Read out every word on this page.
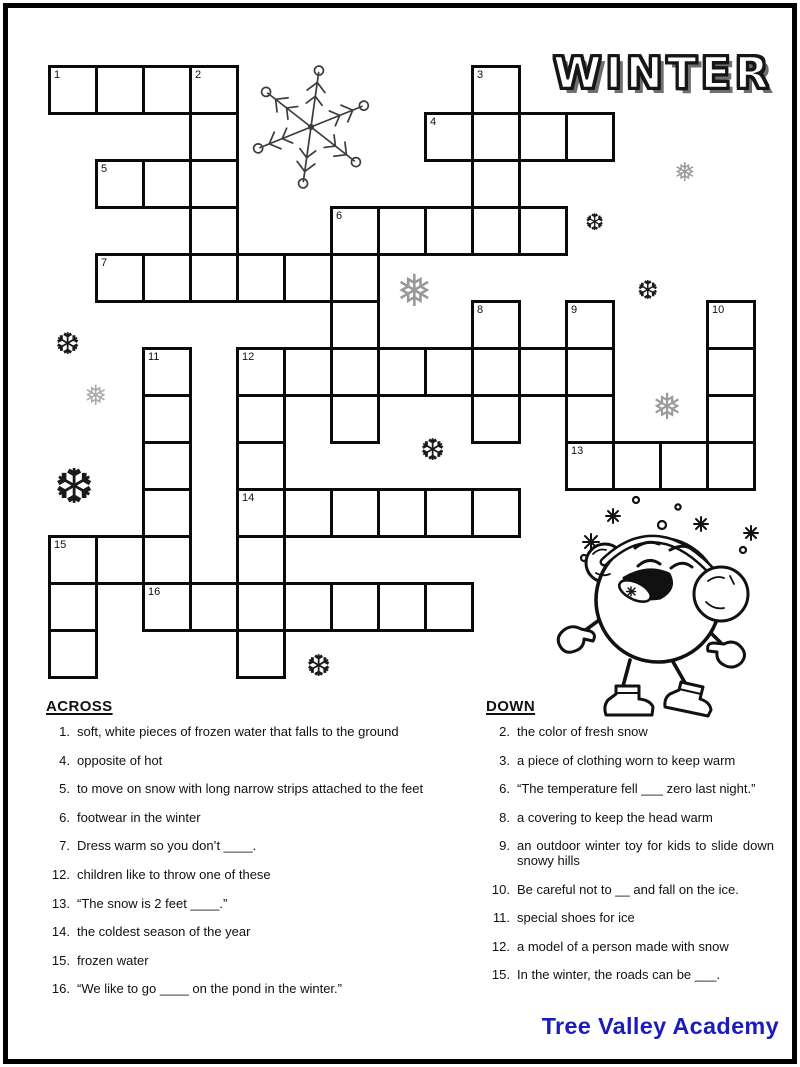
WINTER
1	2
4
5
6
7
12
13
14
15
16
3
8	9	10
11
ACROSS
1. soft, white pieces of frozen water that falls to the ground
4. opposite of hot
5. to move on snow with long narrow strips attached to the feet
6. footwear in the winter
7. Dress warm so you don’t ____.
12. children like to throw one of these
13. “The snow is 2 feet ____.”
14. the coldest season of the year
15. frozen water
16. “We like to go ____ on the pond in the winter.”
DOWN
2. the color of fresh snow
3. a piece of clothing worn to keep warm
6. “The temperature fell ___ zero last night.”
8. a covering to keep the head warm
9. an outdoor winter toy for kids to slide down snowy hills
10. Be careful not to __ and fall on the ice.
11. special shoes for ice
12. a model of a person made with snow
15. In the winter, the roads can be ___.
Tree Valley Academy
❅
❆
❆
❅
❆
❅	❅
❆
❆
❆
